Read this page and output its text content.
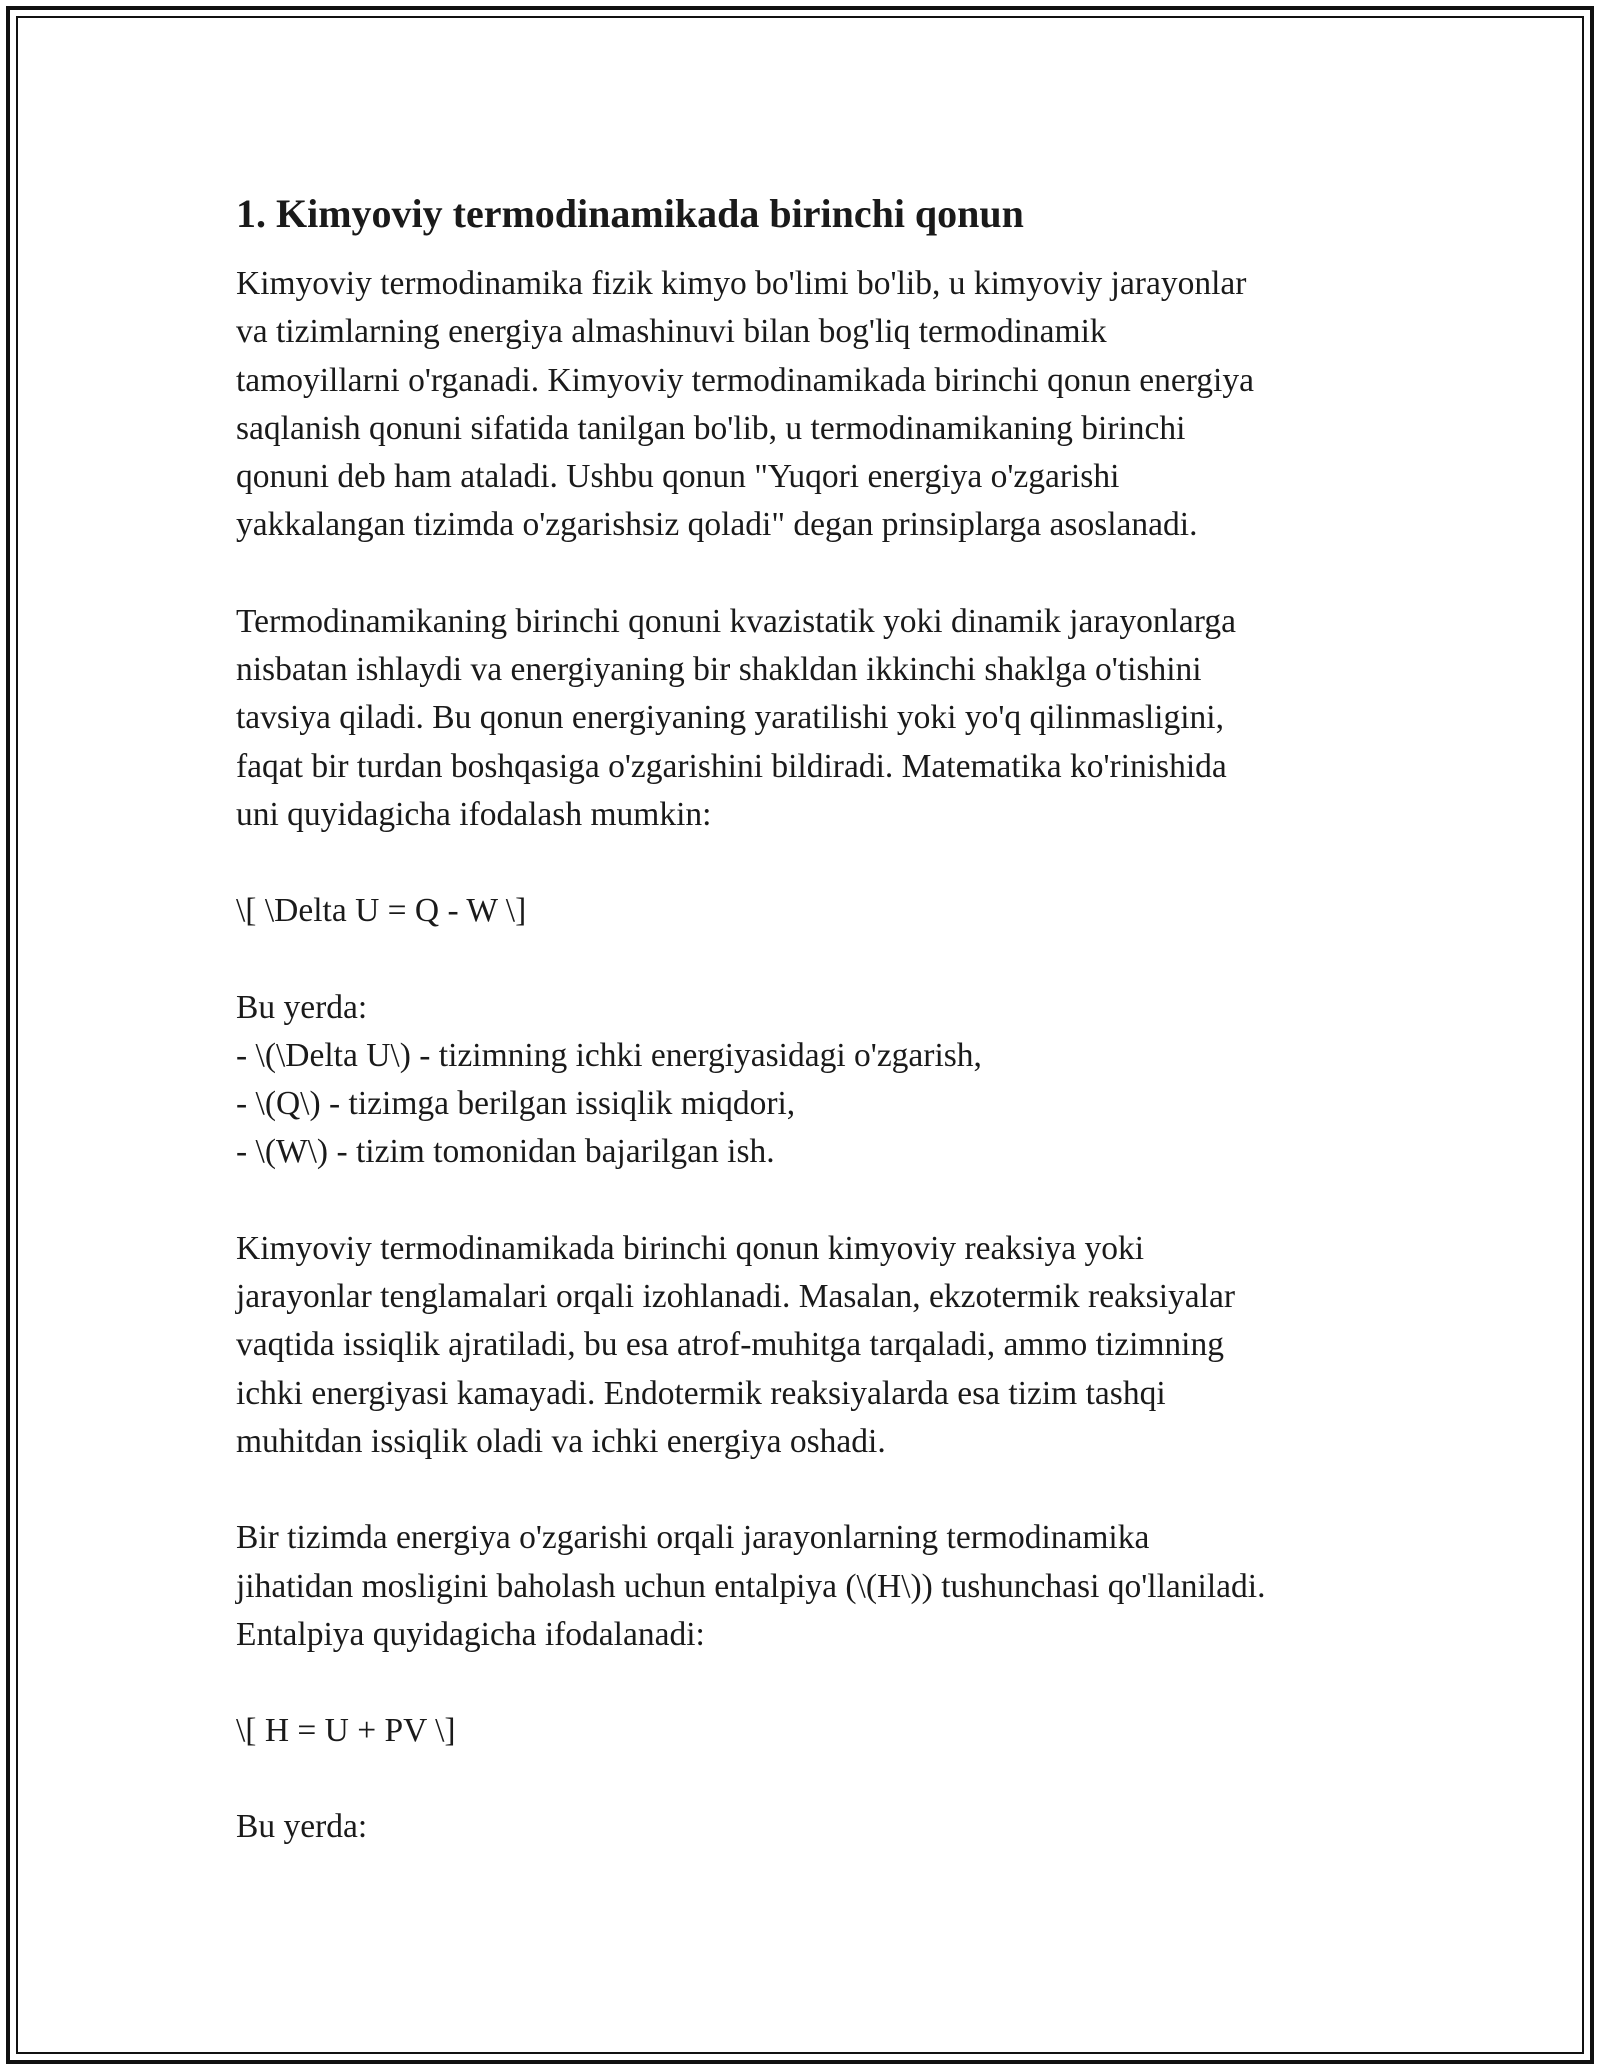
1. Kimyoviy termodinamikada birinchi qonun
Kimyoviy termodinamika fizik kimyo bo'limi bo'lib, u kimyoviy jarayonlar
va tizimlarning energiya almashinuvi bilan bog'liq termodinamik
tamoyillarni o'rganadi. Kimyoviy termodinamikada birinchi qonun energiya
saqlanish qonuni sifatida tanilgan bo'lib, u termodinamikaning birinchi
qonuni deb ham ataladi. Ushbu qonun "Yuqori energiya o'zgarishi
yakkalangan tizimda o'zgarishsiz qoladi" degan prinsiplarga asoslanadi.
Termodinamikaning birinchi qonuni kvazistatik yoki dinamik jarayonlarga
nisbatan ishlaydi va energiyaning bir shakldan ikkinchi shaklga o'tishini
tavsiya qiladi. Bu qonun energiyaning yaratilishi yoki yo'q qilinmasligini,
faqat bir turdan boshqasiga o'zgarishini bildiradi. Matematika ko'rinishida
uni quyidagicha ifodalash mumkin:
\[ \Delta U = Q - W \]
Bu yerda:
- \(\Delta U\) - tizimning ichki energiyasidagi o'zgarish,
- \(Q\) - tizimga berilgan issiqlik miqdori,
- \(W\) - tizim tomonidan bajarilgan ish.
Kimyoviy termodinamikada birinchi qonun kimyoviy reaksiya yoki
jarayonlar tenglamalari orqali izohlanadi. Masalan, ekzotermik reaksiyalar
vaqtida issiqlik ajratiladi, bu esa atrof-muhitga tarqaladi, ammo tizimning
ichki energiyasi kamayadi. Endotermik reaksiyalarda esa tizim tashqi
muhitdan issiqlik oladi va ichki energiya oshadi.
Bir tizimda energiya o'zgarishi orqali jarayonlarning termodinamika
jihatidan mosligini baholash uchun entalpiya (\(H\)) tushunchasi qo'llaniladi.
Entalpiya quyidagicha ifodalanadi:
\[ H = U + PV \]
Bu yerda:
